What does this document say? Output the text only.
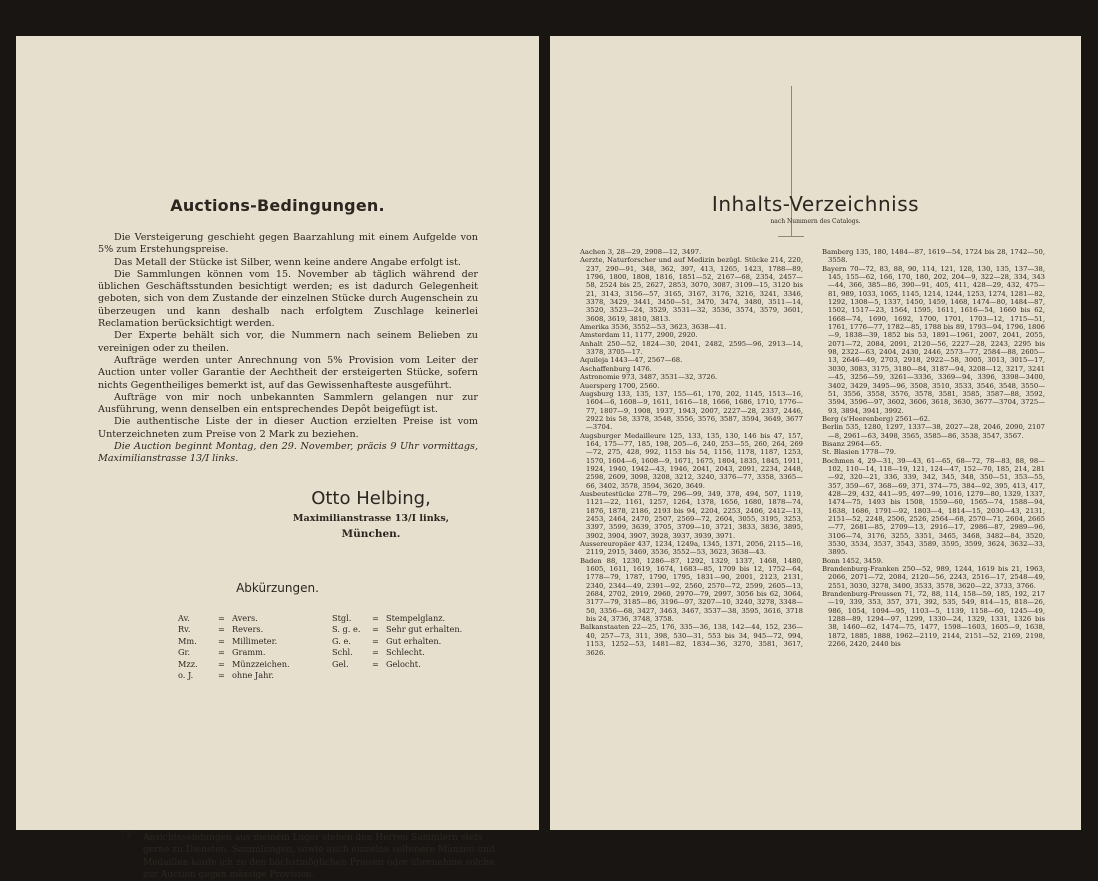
Auctions-Bedingungen.

Die Versteigerung geschieht gegen Baarzahlung mit einem Aufgelde von 5% zum Erstehungspreise.

Das Metall der Stücke ist Silber, wenn keine andere Angabe erfolgt ist.

Die Sammlungen können vom 15. November ab täglich während der üblichen Geschäftsstunden besichtigt werden; es ist dadurch Gelegenheit geboten, sich von dem Zustande der einzelnen Stücke durch Augenschein zu überzeugen und kann deshalb nach erfolgtem Zuschlage keinerlei Reclamation berücksichtigt werden.

Der Experte behält sich vor, die Nummern nach seinem Belieben zu vereinigen oder zu theilen.

Aufträge werden unter Anrechnung von 5% Provision vom Leiter der Auction unter voller Garantie der Aechtheit der ersteigerten Stücke, sofern nichts Gegentheiliges bemerkt ist, auf das Gewissenhafteste ausgeführt.

Aufträge von mir noch unbekannten Sammlern gelangen nur zur Ausführung, wenn denselben ein entsprechendes Depôt beigefügt ist.

Die authentische Liste der in dieser Auction erzielten Preise ist vom Unterzeichneten zum Preise von 2 Mark zu beziehen.

Die Auction beginnt Montag, den 29. November, präcis 9 Uhr vormittags, Maximilianstrasse 13/I links.

Otto Helbing,
Maximilianstrasse 13/I links,
München.
Abkürzungen.
Av.	= Avers.
Rv.	= Revers.
Mm.	= Millimeter.
Gr.	= Gramm.
Mzz.	= Münzzeichen.
o. J.	= ohne Jahr.
Stgl.	= Stempelglanz.
S. g. e.	= Sehr gut erhalten.
G. e.	= Gut erhalten.
Schl.	= Schlecht.
Gel.	= Gelocht.
☞ Ansichtssendungen aus meinem Lager stehen den Herren Sammlern stets gerne zu Diensten. Sammlungen, sowie auch einzelne seltenere Münzen und Medaillen kaufe ich zu den höchstmöglichen Preisen oder übernehme solche zur Auction gegen mässige Provision.
Inhalts-Verzeichniss
nach Nummern des Catalogs.
Aachen 3, 28—29, 2908—12, 3497.
Aerzte, Naturforscher und auf Medizin bezügl. Stücke 214, 220, 237, 290—91, 348, 362, 397, 413, 1265, 1423, 1788—89, 1796, 1800, 1808, 1816, 1851—52, 2167—68, 2354, 2457—58, 2524 bis 25, 2627, 2853, 3070, 3087, 3109—15, 3120 bis 21, 3143, 3156—57, 3165, 3167, 3176, 3216, 3241, 3346, 3378, 3429, 3441, 3450—51, 3470, 3474, 3480, 3511—14, 3520, 3523—24, 3529, 3531—32, 3536, 3574, 3579, 3601, 3608, 3619, 3810, 3813.
Amerika 3536, 3552—53, 3623, 3638—41.
Amsterdam 11, 1177, 2900, 2920.
Anhalt 250—52, 1824—30, 2041, 2482, 2595—96, 2913—14, 3378, 3705—17.
Aquileja 1443—47, 2567—68.
Aschaffenburg 1476.
Astronomie 973, 3487, 3531—32, 3726.
Auersperg 1700, 2560.
Augsburg 133, 135, 137, 155—61, 170, 202, 1145, 1513—16, 1604—6, 1608—9, 1611, 1616—18, 1666, 1686, 1710, 1776—77, 1807—9, 1908, 1937, 1943, 2007, 2227—28, 2337, 2446, 2922 bis 58, 3378, 3548, 3556, 3576, 3587, 3594, 3649, 3677—3704.
Augsburger Medailleure 125, 133, 135, 130, 146 bis 47, 157, 164, 175—77, 185, 198, 205—6, 240, 253—55, 260, 264, 269—72, 275, 428, 992, 1153 bis 54, 1156, 1178, 1187, 1253, 1570, 1604—6, 1608—9, 1671, 1675, 1804, 1835, 1845, 1911, 1924, 1940, 1942—43, 1946, 2041, 2043, 2091, 2234, 2448, 2598, 2609, 3098, 3208, 3212, 3240, 3376—77, 3358, 3365—66, 3402, 3578, 3594, 3620, 3649.
Ausbeutestücke 278—79, 296—99, 349, 378, 494, 507, 1119, 1121—22, 1161, 1257, 1264, 1378, 1656, 1680, 1878—74, 1876, 1878, 2186, 2193 bis 94, 2204, 2253, 2406, 2412—13, 2453, 2464, 2470, 2507, 2569—72, 2604, 3055, 3195, 3253, 3397, 3599, 3639, 3705, 3709—10, 3721, 3833, 3836, 3895, 3902, 3904, 3907, 3928, 3937, 3939, 3971.
Aussereuropäer 437, 1234, 1249a, 1345, 1371, 2056, 2115—16, 2119, 2915, 3469, 3536, 3552—53, 3623, 3638—43.
Baden 88, 1230, 1286—87, 1292, 1329, 1337, 1468, 1480, 1605, 1611, 1619, 1674, 1683—85, 1709 bis 12, 1752—64, 1778—79, 1787, 1790, 1795, 1831—90, 2001, 2123, 2131, 2340, 2344—49, 2391—92, 2560, 2570—72, 2599, 2605—13, 2684, 2702, 2919, 2960, 2970—79, 2997, 3056 bis 62, 3064, 3177—79, 3185—86, 3196—97, 3207—10, 3240, 3278, 3348—50, 3356—68, 3427, 3463, 3467, 3537—38, 3595, 3616, 3718 bis 24, 3736, 3748, 3758.
Balkanstaaten 22—25, 176, 335—36, 138, 142—44, 152, 236—40, 257—73, 311, 398, 530—31, 553 bis 34, 945—72, 994, 1153, 1252—53, 1481—82, 1834—36, 3270, 3581, 3617, 3626.
Bamberg 135, 180, 1484—87, 1619—54, 1724 bis 28, 1742—50, 3558.
Bayern 70—72, 83, 88, 90, 114, 121, 128, 130, 135, 137—38, 145, 155—62, 166, 170, 180, 202, 204—9, 322—28, 334, 343—44, 366, 385—86, 390—91, 405, 411, 428—29, 432, 475—81, 989, 1033, 1065, 1145, 1214, 1244, 1253, 1274, 1281—82, 1292, 1308—5, 1337, 1450, 1459, 1468, 1474—80, 1484—87, 1502, 1517—23, 1564, 1595, 1611, 1616—54, 1660 bis 62, 1668—74, 1690, 1692, 1700, 1701, 1703—12, 1715—51, 1761, 1776—77, 1782—85, 1788 bis 89, 1793—94, 1796, 1806—9, 1838—39, 1852 bis 53, 1891—1961, 2007, 2041, 2055, 2071—72, 2084, 2091, 2120—56, 2227—28, 2243, 2295 bis 98, 2322—63, 2404, 2430, 2446, 2573—77, 2584—88, 2605—13, 2646—49, 2703, 2918, 2922—58, 3005, 3013, 3015—17, 3030, 3083, 3175, 3180—84, 3187—94, 3208—12, 3217, 3241—45, 3256—59, 3261—3336, 3369—94, 3396, 3398—3400, 3402, 3429, 3495—96, 3508, 3510, 3533, 3546, 3548, 3550—51, 3556, 3558, 3576, 3578, 3581, 3585, 3587—88, 3592, 3594, 3596—97, 3602, 3606, 3618, 3630, 3677—3704, 3725—93, 3894, 3941, 3992.
Berg (s'Heerenberg) 2561—62.
Berlin 535, 1280, 1297, 1337—38, 2027—28, 2046, 2090, 2107—8, 2961—63, 3498, 3565, 3585—86, 3538, 3547, 3567.
Bisanz 2964—65.
St. Blasien 1778—79.
Bochmen 4, 29—31, 39—43, 61—65, 68—72, 78—83, 88, 98—102, 110—14, 118—19, 121, 124—47, 152—70, 185, 214, 281—92, 320—21, 336, 339, 342, 345, 348, 350—51, 353—55, 357, 359—67, 368—69, 371, 374—75, 384—92, 395, 413, 417, 428—29, 432, 441—95, 497—99, 1016, 1279—80, 1329, 1337, 1474—75, 1493 bis 1508, 1559—60, 1565—74, 1588—94, 1638, 1686, 1791—92, 1803—4, 1814—15, 2030—43, 2131, 2151—52, 2248, 2506, 2526, 2564—68, 2570—71, 2604, 2665—77, 2681—85, 2709—13, 2916—17, 2986—87, 2989—96, 3106—74, 3176, 3255, 3351, 3465, 3468, 3482—84, 3520, 3530, 3534, 3537, 3543, 3589, 3595, 3599, 3624, 3632—33, 3895.
Bonn 1452, 3459.
Brandenburg-Franken 250—52, 989, 1244, 1619 bis 21, 1963, 2066, 2071—72, 2084, 2120—56, 2243, 2516—17, 2548—49, 2551, 3030, 3278, 3400, 3533, 3578, 3620—22, 3733, 3766.
Brandenburg-Preussen 71, 72, 88, 114, 158—59, 185, 192, 217—19, 339, 353, 357, 371, 392, 535, 549, 814—15, 818—26, 986, 1054, 1094—95, 1103—5, 1139, 1158—60, 1245—49, 1288—89, 1294—97, 1299, 1330—24, 1329, 1331, 1326 bis 38, 1460—62, 1474—75, 1477, 1598—1603, 1605—9, 1638, 1872, 1885, 1888, 1962—2119, 2144, 2151—52, 2169, 2198, 2266, 2420, 2440 bis
